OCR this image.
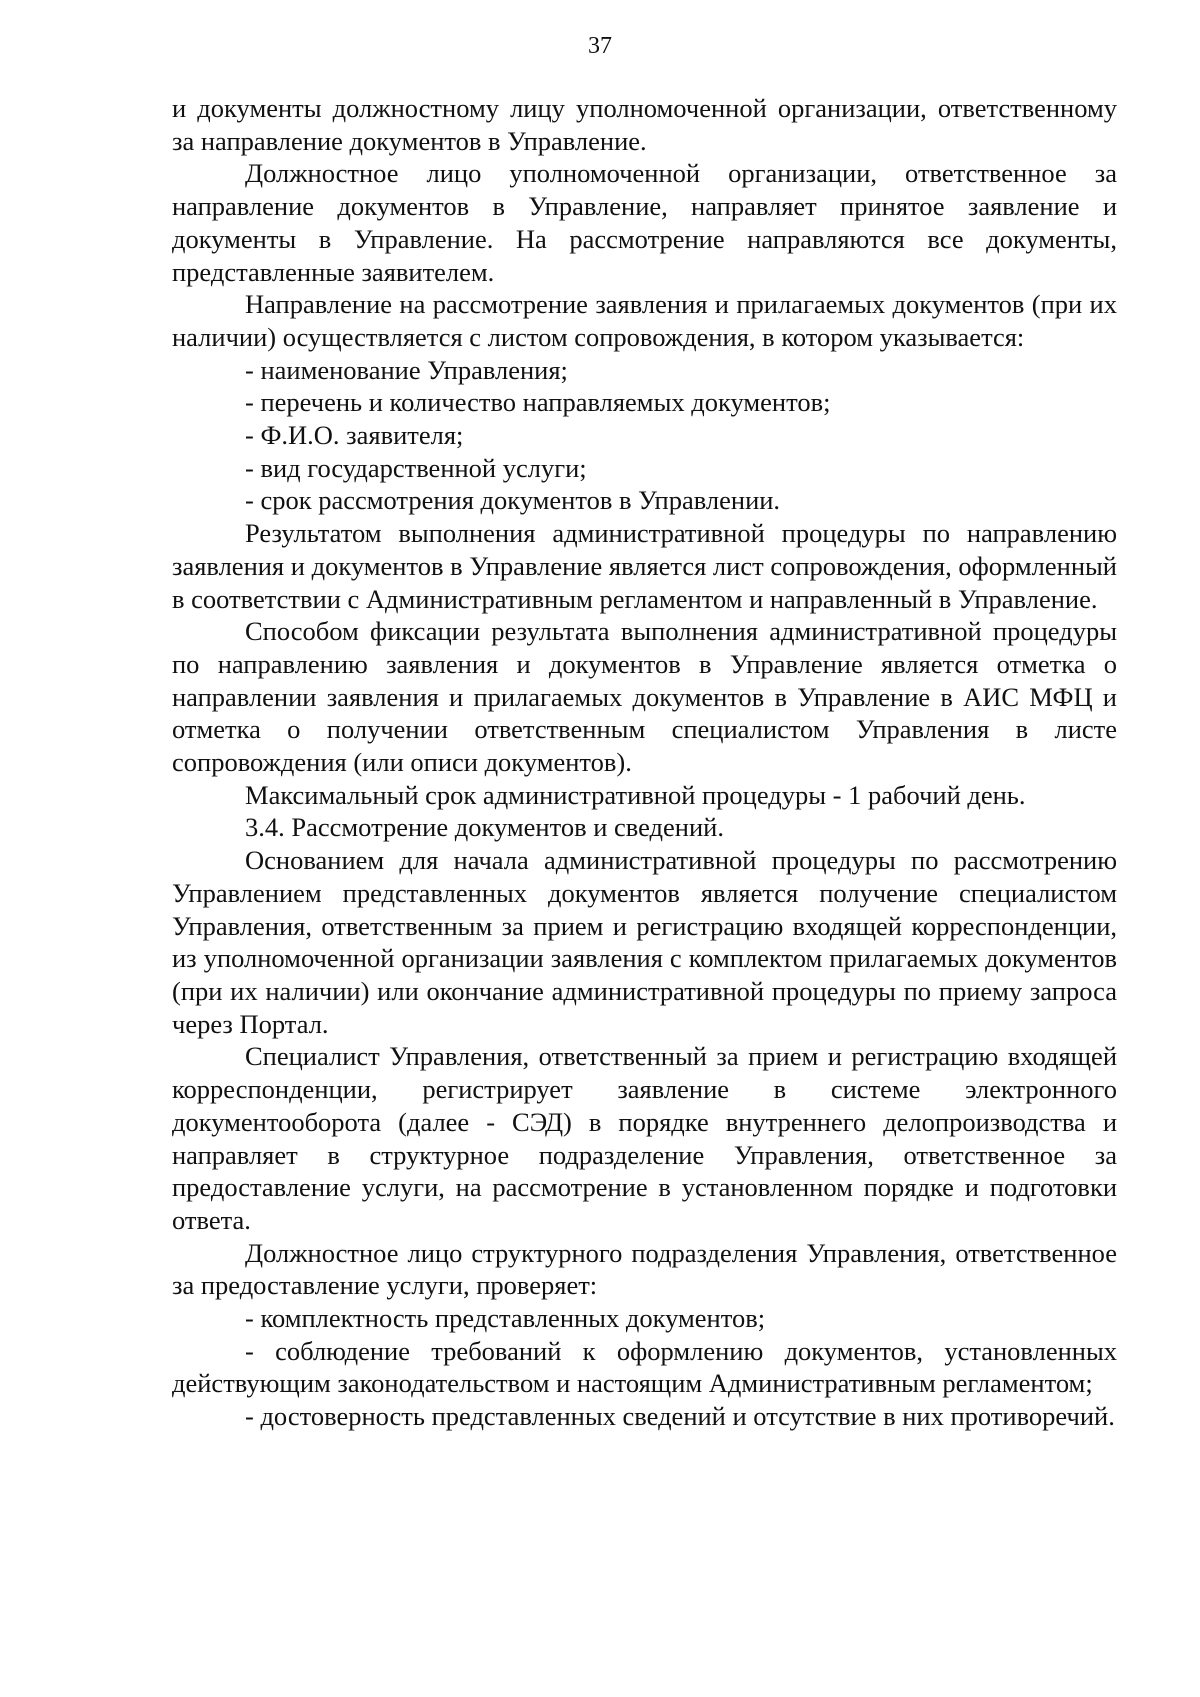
37

и документы должностному лицу уполномоченной организации, ответственному за направление документов в Управление.

Должностное лицо уполномоченной организации, ответственное за направление документов в Управление, направляет принятое заявление и документы в Управление. На рассмотрение направляются все документы, представленные заявителем.

Направление на рассмотрение заявления и прилагаемых документов (при их наличии) осуществляется с листом сопровождения, в котором указывается:

- наименование Управления;

- перечень и количество направляемых документов;

- Ф.И.О. заявителя;

- вид государственной услуги;

- срок рассмотрения документов в Управлении.

Результатом выполнения административной процедуры по направлению заявления и документов в Управление является лист сопровождения, оформленный в соответствии с Административным регламентом и направленный в Управление.

Способом фиксации результата выполнения административной процедуры по направлению заявления и документов в Управление является отметка о направлении заявления и прилагаемых документов в Управление в АИС МФЦ и отметка о получении ответственным специалистом Управления в листе сопровождения (или описи документов).

Максимальный срок административной процедуры - 1 рабочий день.

3.4. Рассмотрение документов и сведений.

Основанием для начала административной процедуры по рассмотрению Управлением представленных документов является получение специалистом Управления, ответственным за прием и регистрацию входящей корреспонденции, из уполномоченной организации заявления с комплектом прилагаемых документов (при их наличии) или окончание административной процедуры по приему запроса через Портал.

Специалист Управления, ответственный за прием и регистрацию входящей корреспонденции, регистрирует заявление в системе электронного документооборота (далее - СЭД) в порядке внутреннего делопроизводства и направляет в структурное подразделение Управления, ответственное за предоставление услуги, на рассмотрение в установленном порядке и подготовки ответа.

Должностное лицо структурного подразделения Управления, ответственное за предоставление услуги, проверяет:

- комплектность представленных документов;

- соблюдение требований к оформлению документов, установленных действующим законодательством и настоящим Административным регламентом;

- достоверность представленных сведений и отсутствие в них противоречий.
